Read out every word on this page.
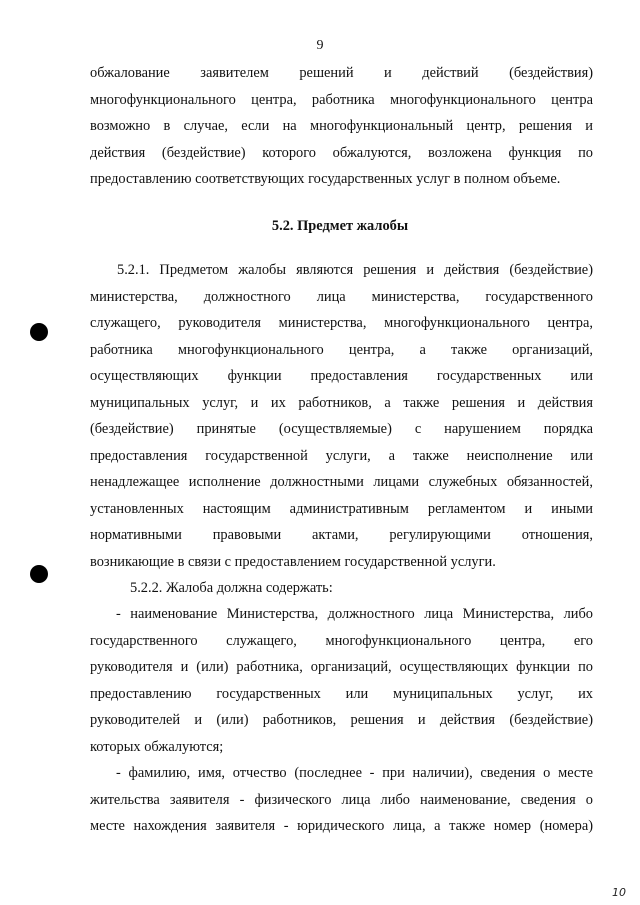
9

обжалование заявителем решений и действий (бездействия)
многофункционального центра, работника многофункционального центра
возможно в случае, если на многофункциональный центр, решения и
действия (бездействие) которого обжалуются, возложена функция по
предоставлению соответствующих государственных услуг в полном объеме.

5.2. Предмет жалобы

5.2.1. Предметом жалобы являются решения и действия (бездействие)
министерства, должностного лица министерства, государственного
служащего, руководителя министерства, многофункционального центра,
работника многофункционального центра, а также организаций,
осуществляющих функции предоставления государственных или
муниципальных услуг, и их работников, а также решения и действия
(бездействие) принятые (осуществляемые) с нарушением порядка
предоставления государственной услуги, а также неисполнение или
ненадлежащее исполнение должностными лицами служебных обязанностей,
установленных настоящим административным регламентом и иными
нормативными правовыми актами, регулирующими отношения,
возникающие в связи с предоставлением государственной услуги.

5.2.2. Жалоба должна содержать:

- наименование Министерства, должностного лица Министерства, либо
государственного служащего, многофункционального центра, его
руководителя и (или) работника, организаций, осуществляющих функции по
предоставлению государственных или муниципальных услуг, их
руководителей и (или) работников, решения и действия (бездействие)
которых обжалуются;

- фамилию, имя, отчество (последнее - при наличии), сведения о месте
жительства заявителя - физического лица либо наименование, сведения о
месте нахождения заявителя - юридического лица, а также номер (номера)

10
